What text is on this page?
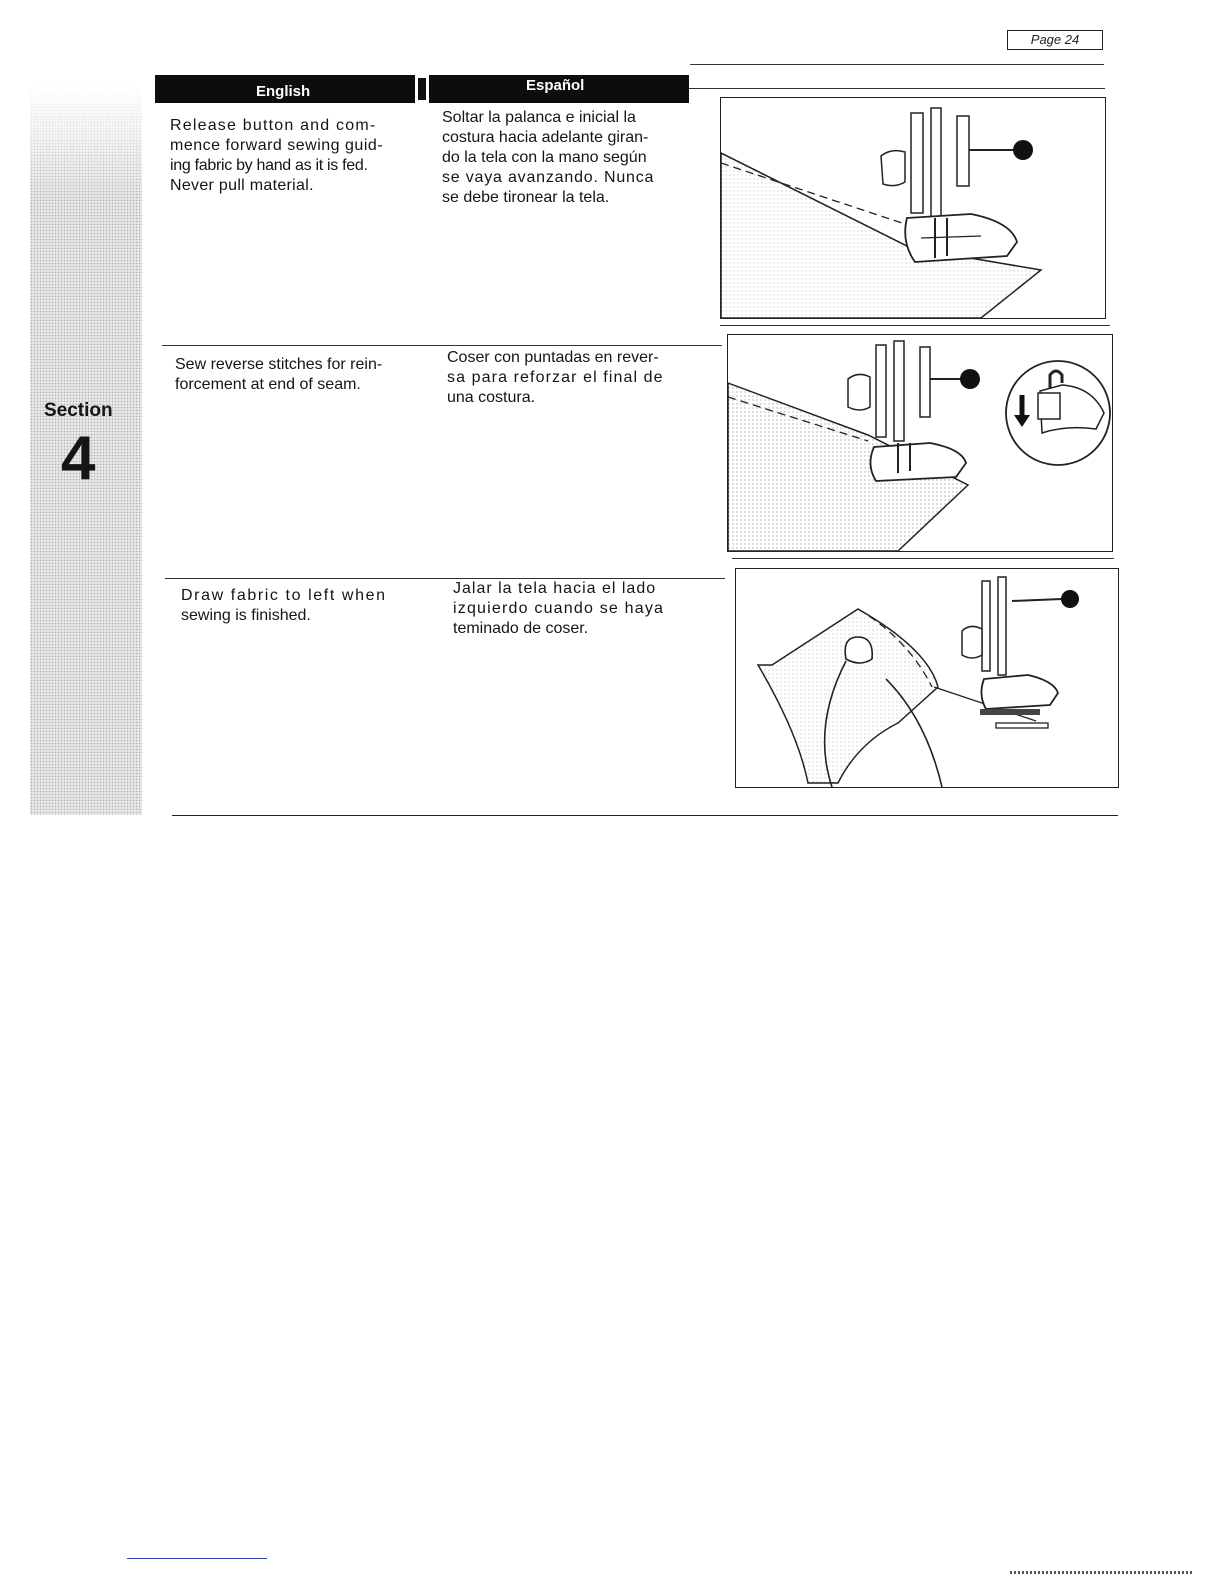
Page 24
English	Español
Section
4
Release button and com-
mence forward sewing guid-
ing fabric by hand as it is fed.
Never pull material.
Soltar la palanca e inicial la
costura hacia adelante giran-
do la tela con la mano según
se vaya avanzando. Nunca
se debe tironear la tela.
Sew reverse stitches for rein-
forcement at end of seam.
Coser con puntadas en rever-
sa para reforzar el final de
una costura.
Draw fabric to left when
sewing is finished.
Jalar la tela hacia el lado
izquierdo cuando se haya
teminado de coser.
